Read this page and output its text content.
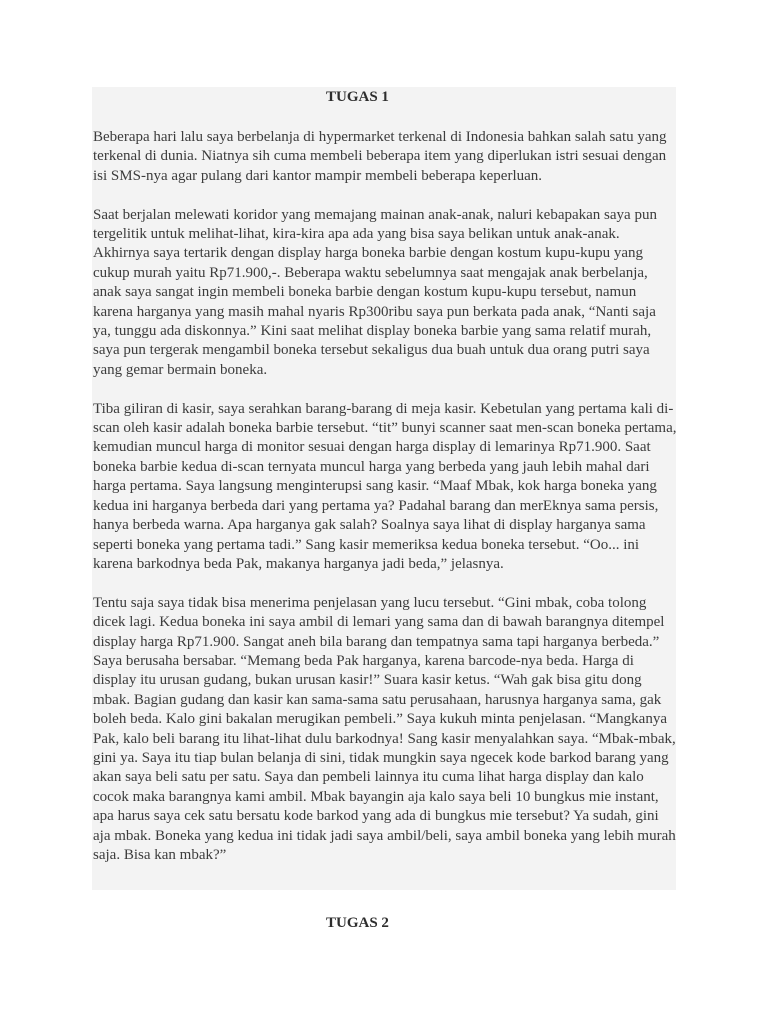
TUGAS 1

Beberapa hari lalu saya berbelanja di hypermarket terkenal di Indonesia bahkan salah satu yang terkenal di dunia. Niatnya sih cuma membeli beberapa item yang diperlukan istri sesuai dengan isi SMS-nya agar pulang dari kantor mampir membeli beberapa keperluan.

Saat berjalan melewati koridor yang memajang mainan anak-anak, naluri kebapakan saya pun tergelitik untuk melihat-lihat, kira-kira apa ada yang bisa saya belikan untuk anak-anak. Akhirnya saya tertarik dengan display harga boneka barbie dengan kostum kupu-kupu yang cukup murah yaitu Rp71.900,-. Beberapa waktu sebelumnya saat mengajak anak berbelanja, anak saya sangat ingin membeli boneka barbie dengan kostum kupu-kupu tersebut, namun karena harganya yang masih mahal nyaris Rp300ribu saya pun berkata pada anak, “Nanti saja ya, tunggu ada diskonnya.” Kini saat melihat display boneka barbie yang sama relatif murah, saya pun tergerak mengambil boneka tersebut sekaligus dua buah untuk dua orang putri saya yang gemar bermain boneka.

Tiba giliran di kasir, saya serahkan barang-barang di meja kasir. Kebetulan yang pertama kali di-scan oleh kasir adalah boneka barbie tersebut. “tit” bunyi scanner saat men-scan boneka pertama, kemudian muncul harga di monitor sesuai dengan harga display di lemarinya Rp71.900. Saat boneka barbie kedua di-scan ternyata muncul harga yang berbeda yang jauh lebih mahal dari harga pertama. Saya langsung menginterupsi sang kasir. “Maaf Mbak, kok harga boneka yang kedua ini harganya berbeda dari yang pertama ya? Padahal barang dan merEknya sama persis, hanya berbeda warna. Apa harganya gak salah? Soalnya saya lihat di display harganya sama seperti boneka yang pertama tadi.” Sang kasir memeriksa kedua boneka tersebut. “Oo... ini karena barkodnya beda Pak, makanya harganya jadi beda,” jelasnya.

Tentu saja saya tidak bisa menerima penjelasan yang lucu tersebut. “Gini mbak, coba tolong dicek lagi. Kedua boneka ini saya ambil di lemari yang sama dan di bawah barangnya ditempel display harga Rp71.900. Sangat aneh bila barang dan tempatnya sama tapi harganya berbeda.” Saya berusaha bersabar. “Memang beda Pak harganya, karena barcode-nya beda. Harga di display itu urusan gudang, bukan urusan kasir!” Suara kasir ketus. “Wah gak bisa gitu dong mbak. Bagian gudang dan kasir kan sama-sama satu perusahaan, harusnya harganya sama, gak boleh beda. Kalo gini bakalan merugikan pembeli.” Saya kukuh minta penjelasan. “Mangkanya Pak, kalo beli barang itu lihat-lihat dulu barkodnya! Sang kasir menyalahkan saya. “Mbak-mbak, gini ya. Saya itu tiap bulan belanja di sini, tidak mungkin saya ngecek kode barkod barang yang akan saya beli satu per satu. Saya dan pembeli lainnya itu cuma lihat harga display dan kalo cocok maka barangnya kami ambil. Mbak bayangin aja kalo saya beli 10 bungkus mie instant, apa harus saya cek satu bersatu kode barkod yang ada di bungkus mie tersebut? Ya sudah, gini aja mbak. Boneka yang kedua ini tidak jadi saya ambil/beli, saya ambil boneka yang lebih murah saja. Bisa kan mbak?”

TUGAS 2
